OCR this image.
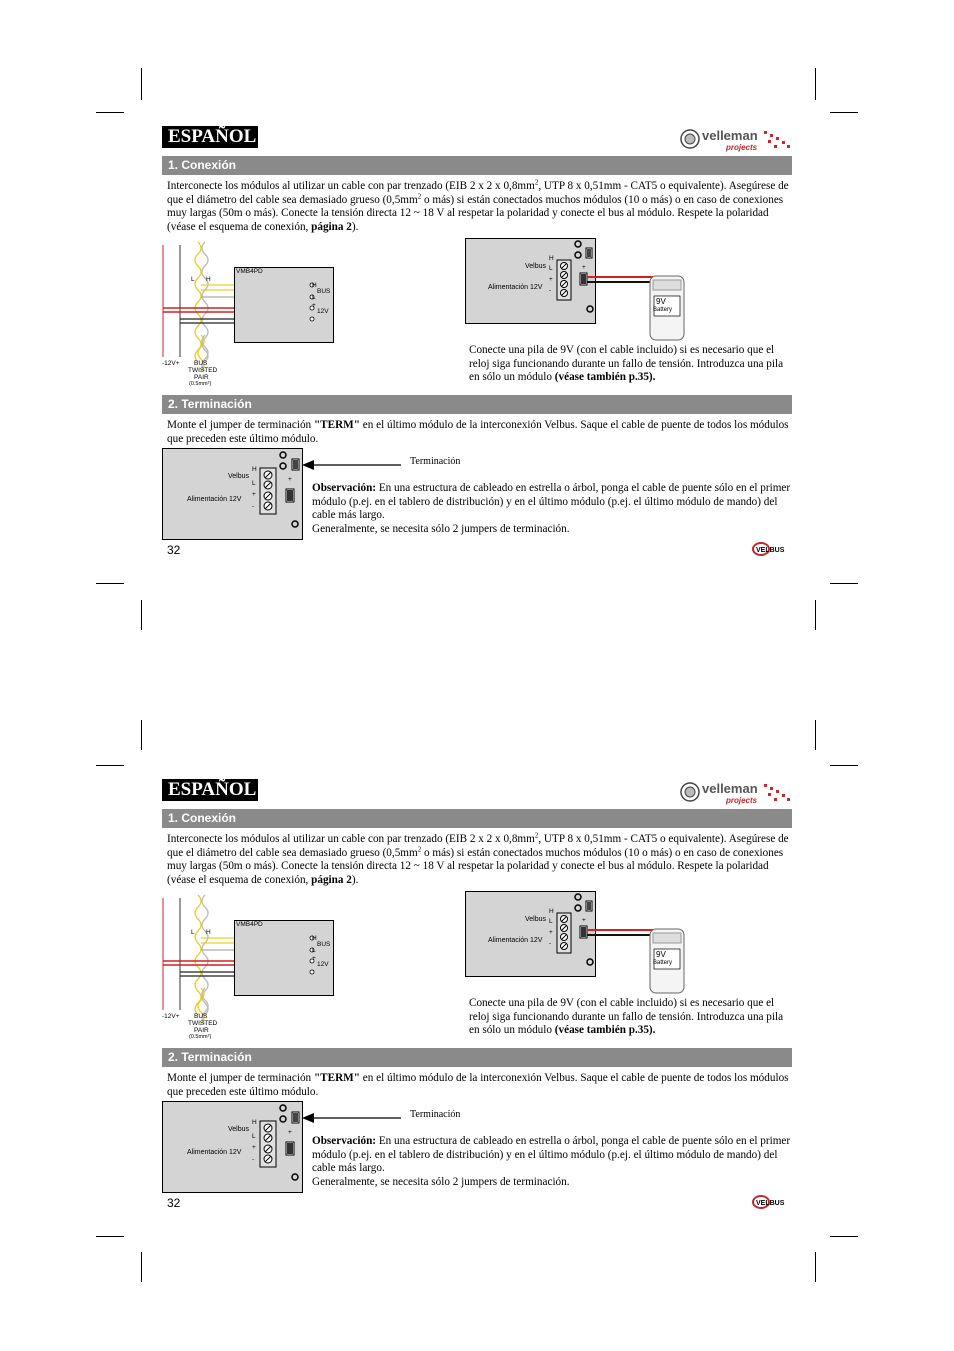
ESPAÑOL	velleman
projects
1. Conexión

Interconecte los módulos al utilizar un cable con par trenzado (EIB 2 x 2 x $0,8mm^2$, UTP 8 x 0,51mm - CAT5 o equivalente). Asegúrese de que el diámetro del cable sea demasiado grueso ($0,5mm^2$ o más) si están conectados muchos módulos (10 o más) o en caso de conexiones muy largas (50m o más). Conecte la tensión directa 12 ~ 18 V al respetar la polaridad y conecte el bus al módulo. Respete la polaridad (véase el esquema de conexión, página 2).

VMB4PD
L H
H
BUS
L
+
12V
-
-12V+ BUS
TWISTED
PAIR
(0.5mm²)
Velbus
Alimentación 12V
H
L
+
-
+
9V
Battery

Conecte una pila de 9V (con el cable incluido) si es necesario que el reloj siga funcionando durante un fallo de tensión. Introduzca una pila en sólo un módulo (véase también p.35).

2. Terminación

Monte el jumper de terminación "TERM" en el último módulo de la interconexión Velbus. Saque el cable de puente de todos los módulos que preceden este último módulo.

Velbus
Alimentación 12V
H
L
+
-
+
Terminación

Observación: En una estructura de cableado en estrella o árbol, ponga el cable de puente sólo en el primer módulo (p.ej. en el tablero de distribución) y en el último módulo (p.ej. el último módulo de mando) del cable más largo.

Generalmente, se necesita sólo 2 jumpers de terminación.

32	VELBUS
ESPAÑOL	velleman
projects
1. Conexión

Interconecte los módulos al utilizar un cable con par trenzado (EIB 2 x 2 x $0,8mm^2$, UTP 8 x 0,51mm - CAT5 o equivalente). Asegúrese de que el diámetro del cable sea demasiado grueso ($0,5mm^2$ o más) si están conectados muchos módulos (10 o más) o en caso de conexiones muy largas (50m o más). Conecte la tensión directa 12 ~ 18 V al respetar la polaridad y conecte el bus al módulo. Respete la polaridad (véase el esquema de conexión, página 2).

VMB4PD
L H
H
BUS
L
+
12V
-
-12V+ BUS
TWISTED
PAIR
(0.5mm²)
Velbus
Alimentación 12V
H
L
+
-
+
9V
Battery

Conecte una pila de 9V (con el cable incluido) si es necesario que el reloj siga funcionando durante un fallo de tensión. Introduzca una pila en sólo un módulo (véase también p.35).

2. Terminación

Monte el jumper de terminación "TERM" en el último módulo de la interconexión Velbus. Saque el cable de puente de todos los módulos que preceden este último módulo.

Velbus
Alimentación 12V
H
L
+
-
+
Terminación

Observación: En una estructura de cableado en estrella o árbol, ponga el cable de puente sólo en el primer módulo (p.ej. en el tablero de distribución) y en el último módulo (p.ej. el último módulo de mando) del cable más largo.

Generalmente, se necesita sólo 2 jumpers de terminación.

32	VELBUS
